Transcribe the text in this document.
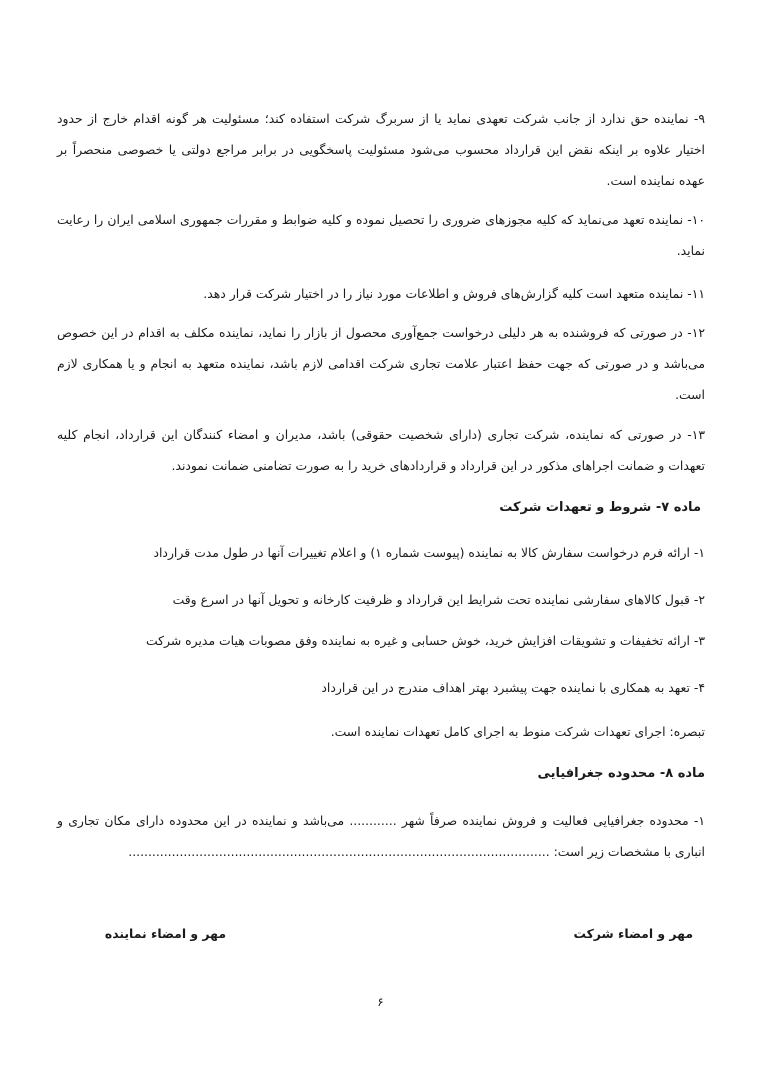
۹- نماینده حق ندارد از جانب شرکت تعهدی نماید یا از سربرگ شرکت استفاده کند؛ مسئولیت هر گونه اقدام خارج از حدود اختیار علاوه بر اینکه نقض این قرارداد محسوب می‌شود مسئولیت پاسخگویی در برابر مراجع دولتی یا خصوصی منحصراً بر عهده نماینده است.

۱۰- نماینده تعهد می‌نماید که کلیه مجوزهای ضروری را تحصیل نموده و کلیه ضوابط و مقررات جمهوری اسلامی ایران را رعایت نماید.

۱۱- نماینده متعهد است کلیه گزارش‌های فروش و اطلاعات مورد نیاز را در اختیار شرکت قرار دهد.

۱۲- در صورتی که فروشنده به هر دلیلی درخواست جمع‌آوری محصول از بازار را نماید، نماینده مکلف به اقدام در این خصوص می‌باشد و در صورتی که جهت حفظ اعتبار علامت تجاری شرکت اقدامی لازم باشد، نماینده متعهد به انجام و یا همکاری لازم است.

۱۳- در صورتی که نماینده، شرکت تجاری (دارای شخصیت حقوقی) باشد، مدیران و امضاء کنندگان این قرارداد، انجام کلیه تعهدات و ضمانت اجراهای مذکور در این قرارداد و قراردادهای خرید را به صورت تضامنی ضمانت نمودند.

ماده ۷- شروط و تعهدات شرکت

۱- ارائه فرم درخواست سفارش کالا به نماینده (پیوست شماره ۱) و اعلام تغییرات آنها در طول مدت قرارداد

۲- قبول کالاهای سفارشی نماینده تحت شرایط این قرارداد و ظرفیت کارخانه و تحویل آنها در اسرع وقت

۳- ارائه تخفیفات و تشویقات افزایش خرید، خوش حسابی و غیره به نماینده وفق مصوبات هیات مدیره شرکت

۴- تعهد به همکاری با نماینده جهت پیشبرد بهتر اهداف مندرج در این قرارداد

تبصره: اجرای تعهدات شرکت منوط به اجرای کامل تعهدات نماینده است.

ماده ۸- محدوده جغرافیایی

۱- محدوده جغرافیایی فعالیت و فروش نماینده صرفاً شهر ............ می‌باشد و نماینده در این محدوده دارای مکان تجاری و انباری با مشخصات زیر است: ...........................................................................................................

مهر و امضاء شرکت
مهر و امضاء نماینده
۶
